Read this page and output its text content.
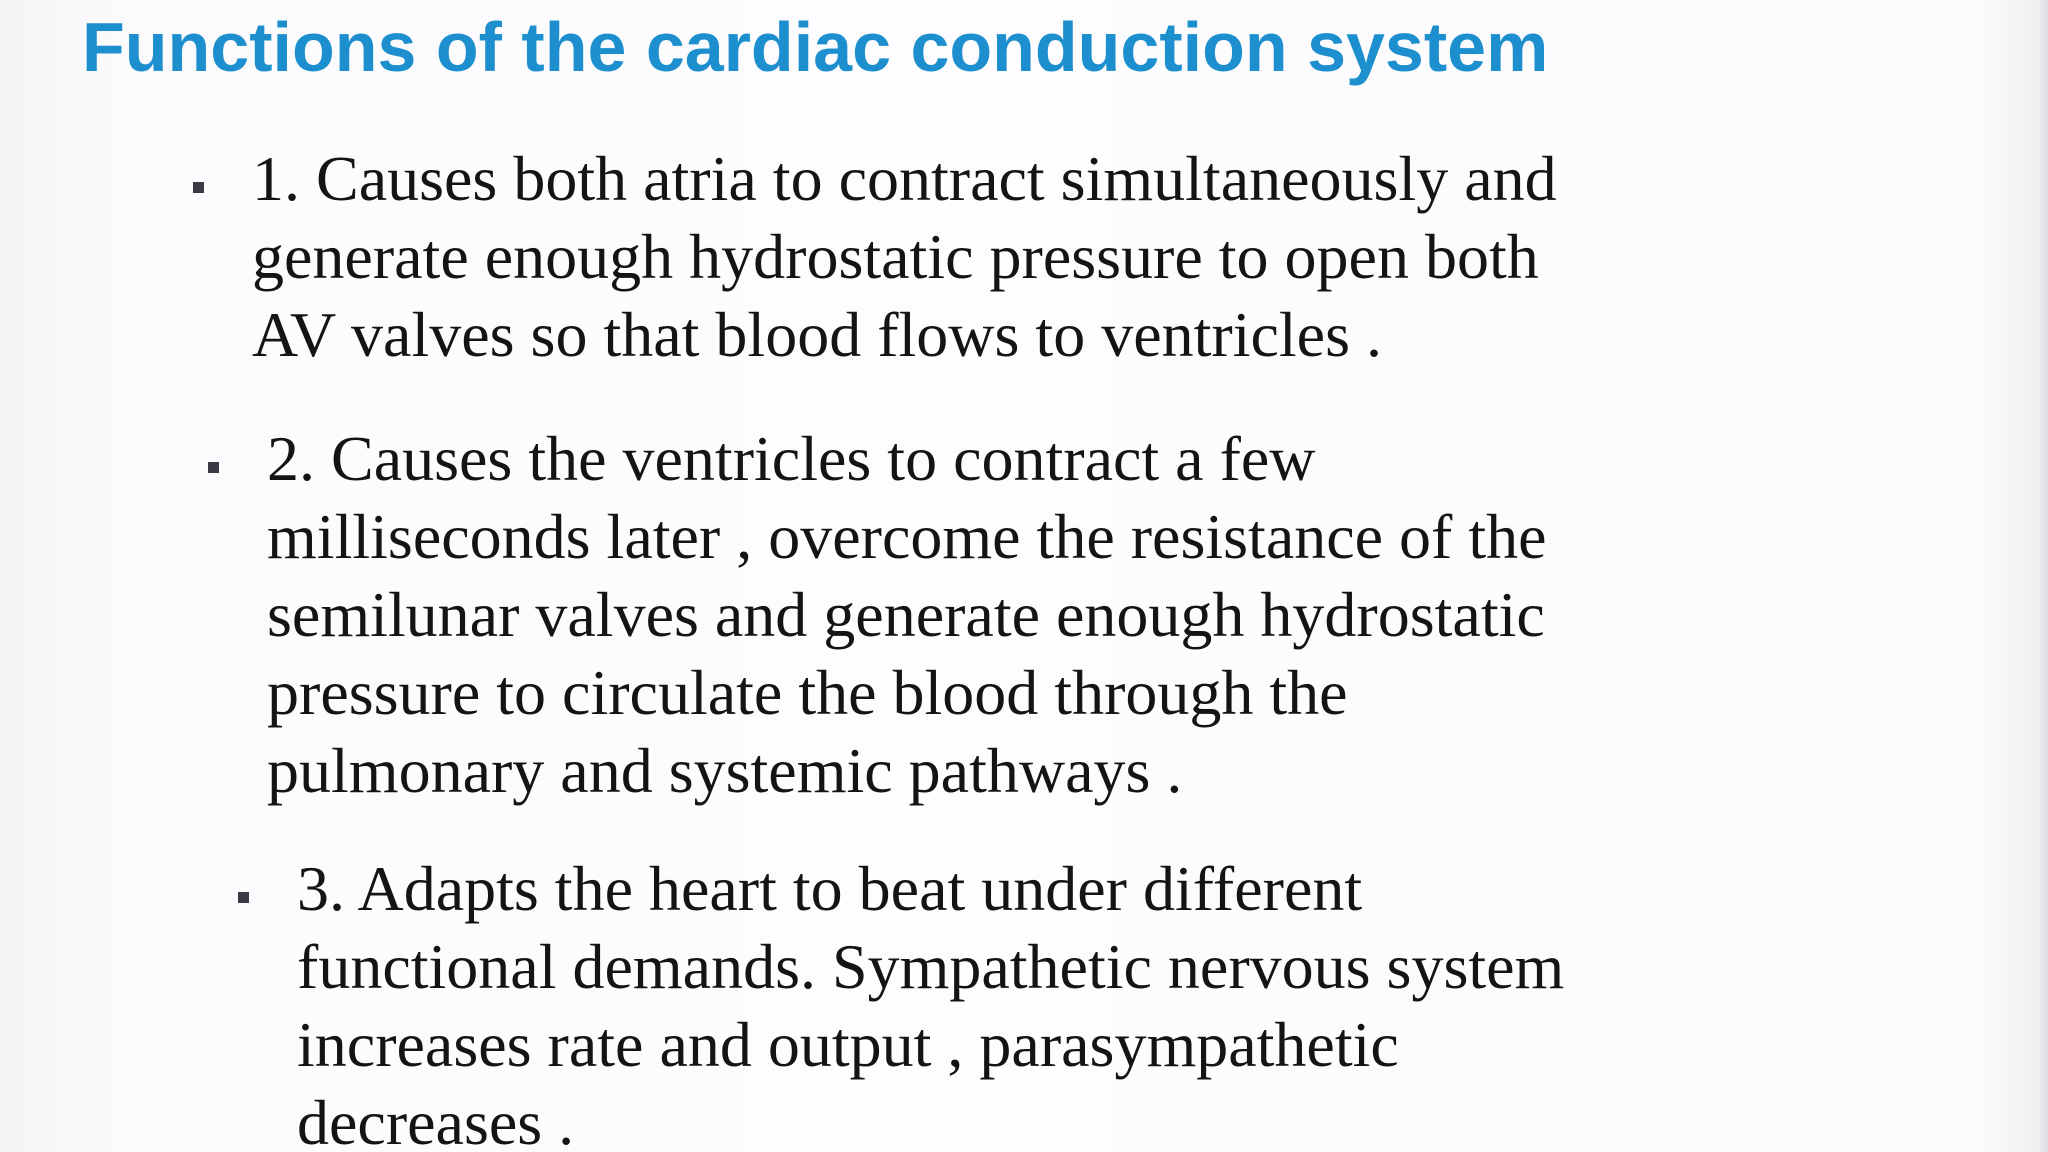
Functions of the cardiac conduction system
1. Causes both atria to contract simultaneously and
generate enough hydrostatic pressure to open both
AV valves so that blood flows to ventricles .
2. Causes the ventricles to contract a few
milliseconds later , overcome the resistance of the
semilunar valves and generate enough hydrostatic
pressure to circulate the blood through the
pulmonary and systemic pathways .
3. Adapts the heart to beat under different
functional demands. Sympathetic nervous system
increases rate and output , parasympathetic
decreases .
